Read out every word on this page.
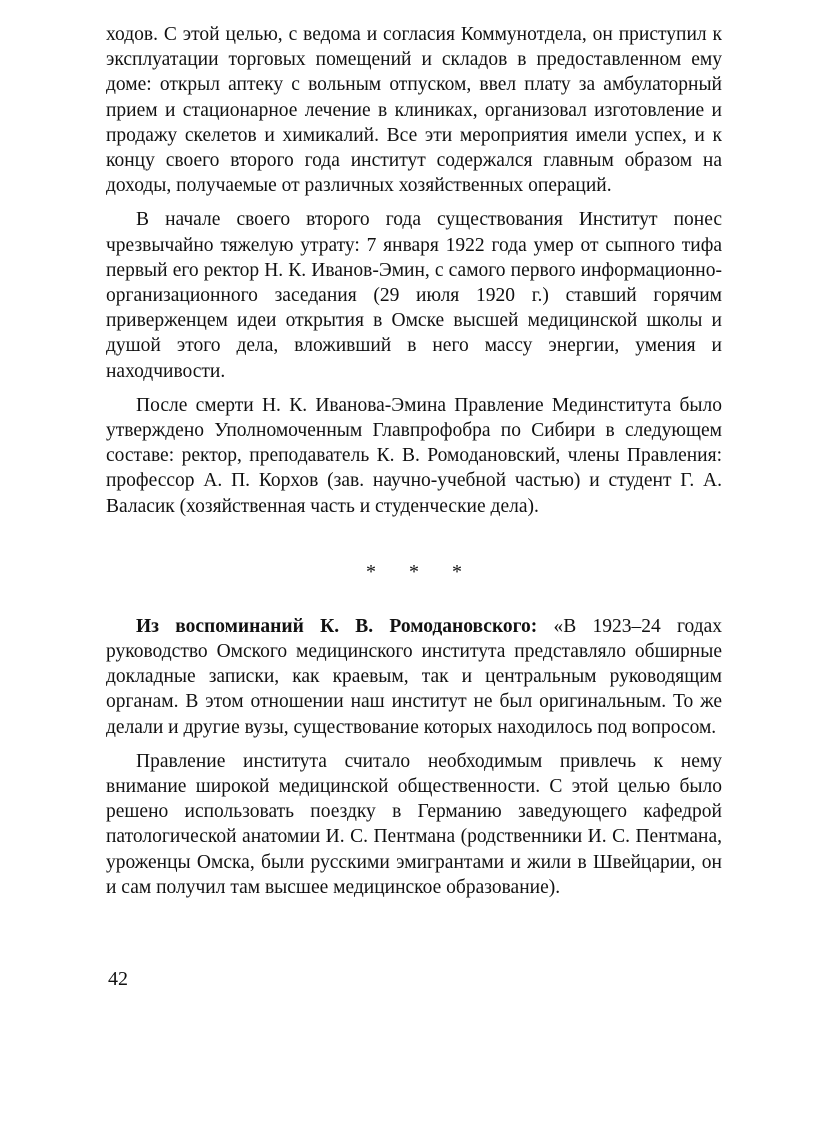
ходов. С этой целью, с ведома и согласия Коммунотдела, он приступил к эксплуатации торговых помещений и складов в предоставленном ему доме: открыл аптеку с вольным отпуском, ввел плату за амбулаторный прием и стационарное лечение в клиниках, организовал изготовление и продажу скелетов и химикалий. Все эти мероприятия имели успех, и к концу своего второго года институт содержался главным образом на доходы, получаемые от различных хозяйственных операций.

В начале своего второго года существования Институт понес чрезвычайно тяжелую утрату: 7 января 1922 года умер от сыпного тифа первый его ректор Н. К. Иванов-Эмин, с самого первого информационно-организационного заседания (29 июля 1920 г.) ставший горячим приверженцем идеи открытия в Омске высшей медицинской школы и душой этого дела, вложивший в него массу энергии, умения и находчивости.

После смерти Н. К. Иванова-Эмина Правление Мединститута было утверждено Уполномоченным Главпрофобра по Сибири в следующем составе: ректор, преподаватель К. В. Ромодановский, члены Правления: профессор А. П. Корхов (зав. научно-учебной частью) и студент Г. А. Валасик (хозяйственная часть и студенческие дела).

* * *

Из воспоминаний К. В. Ромодановского: «В 1923–24 годах руководство Омского медицинского института представляло обширные докладные записки, как краевым, так и центральным руководящим органам. В этом отношении наш институт не был оригинальным. То же делали и другие вузы, существование которых находилось под вопросом.

Правление института считало необходимым привлечь к нему внимание широкой медицинской общественности. С этой целью было решено использовать поездку в Германию заведующего кафедрой патологической анатомии И. С. Пентмана (родственники И. С. Пентмана, уроженцы Омска, были русскими эмигрантами и жили в Швейцарии, он и сам получил там высшее медицинское образование).

42
